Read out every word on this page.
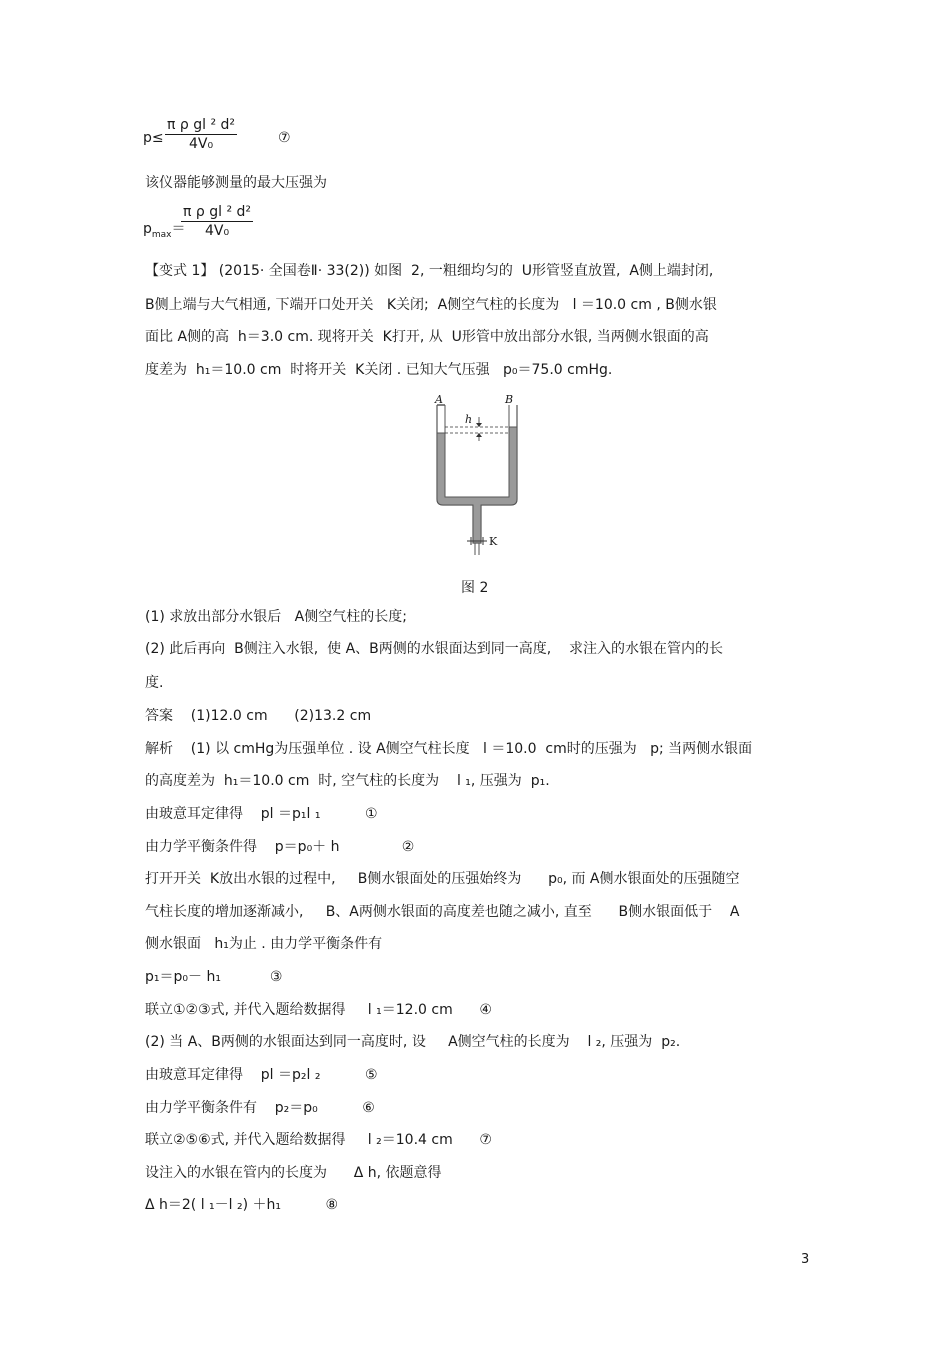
$p\le \frac{\text{π ρ gl ² d²}}{\text{4V₀}}$	⑦
该仪器能够测量的最大压强为
$p_{max}=$
$\frac{\text{π ρ gl ² d²}}{\text{4V₀}}$
【变式 1】 (2015· 全国卷Ⅱ· 33(2)) 如图  2, 一粗细均匀的  U形管竖直放置,  A侧上端封闭,
B侧上端与大气相通, 下端开口处开关   K关闭;  A侧空气柱的长度为   l ＝10.0 cm , B侧水银
面比 A侧的高  h＝3.0 cm. 现将开关  K打开, 从  U形管中放出部分水银, 当两侧水银面的高
度差为  h₁＝10.0 cm  时将开关  K关闭 . 已知大气压强   p₀＝75.0 cmHg.
A	B
h
K
图 2
(1) 求放出部分水银后   A侧空气柱的长度;
(2) 此后再向  B侧注入水银,  使 A、B两侧的水银面达到同一高度,    求注入的水银在管内的长
度.
答案    (1)12.0 cm      (2)13.2 cm
解析    (1) 以 cmHg为压强单位 . 设 A侧空气柱长度   l ＝10.0  cm时的压强为   p; 当两侧水银面
的高度差为  h₁＝10.0 cm  时, 空气柱的长度为    l ₁, 压强为  p₁.
由玻意耳定律得    pl ＝p₁l ₁          ①
由力学平衡条件得    p＝p₀＋ h              ②
打开开关  K放出水银的过程中,     B侧水银面处的压强始终为      p₀, 而 A侧水银面处的压强随空
气柱长度的增加逐渐减小,     B、A两侧水银面的高度差也随之减小, 直至      B侧水银面低于    A
侧水银面   h₁为止 . 由力学平衡条件有
p₁＝p₀－ h₁           ③
联立①②③式, 并代入题给数据得     l ₁＝12.0 cm      ④
(2) 当 A、B两侧的水银面达到同一高度时, 设     A侧空气柱的长度为    l ₂, 压强为  p₂.
由玻意耳定律得    pl ＝p₂l ₂          ⑤
由力学平衡条件有    p₂＝p₀          ⑥
联立②⑤⑥式, 并代入题给数据得     l ₂＝10.4 cm      ⑦
设注入的水银在管内的长度为      Δ h, 依题意得
Δ h＝2( l ₁－l ₂) ＋h₁          ⑧
3
